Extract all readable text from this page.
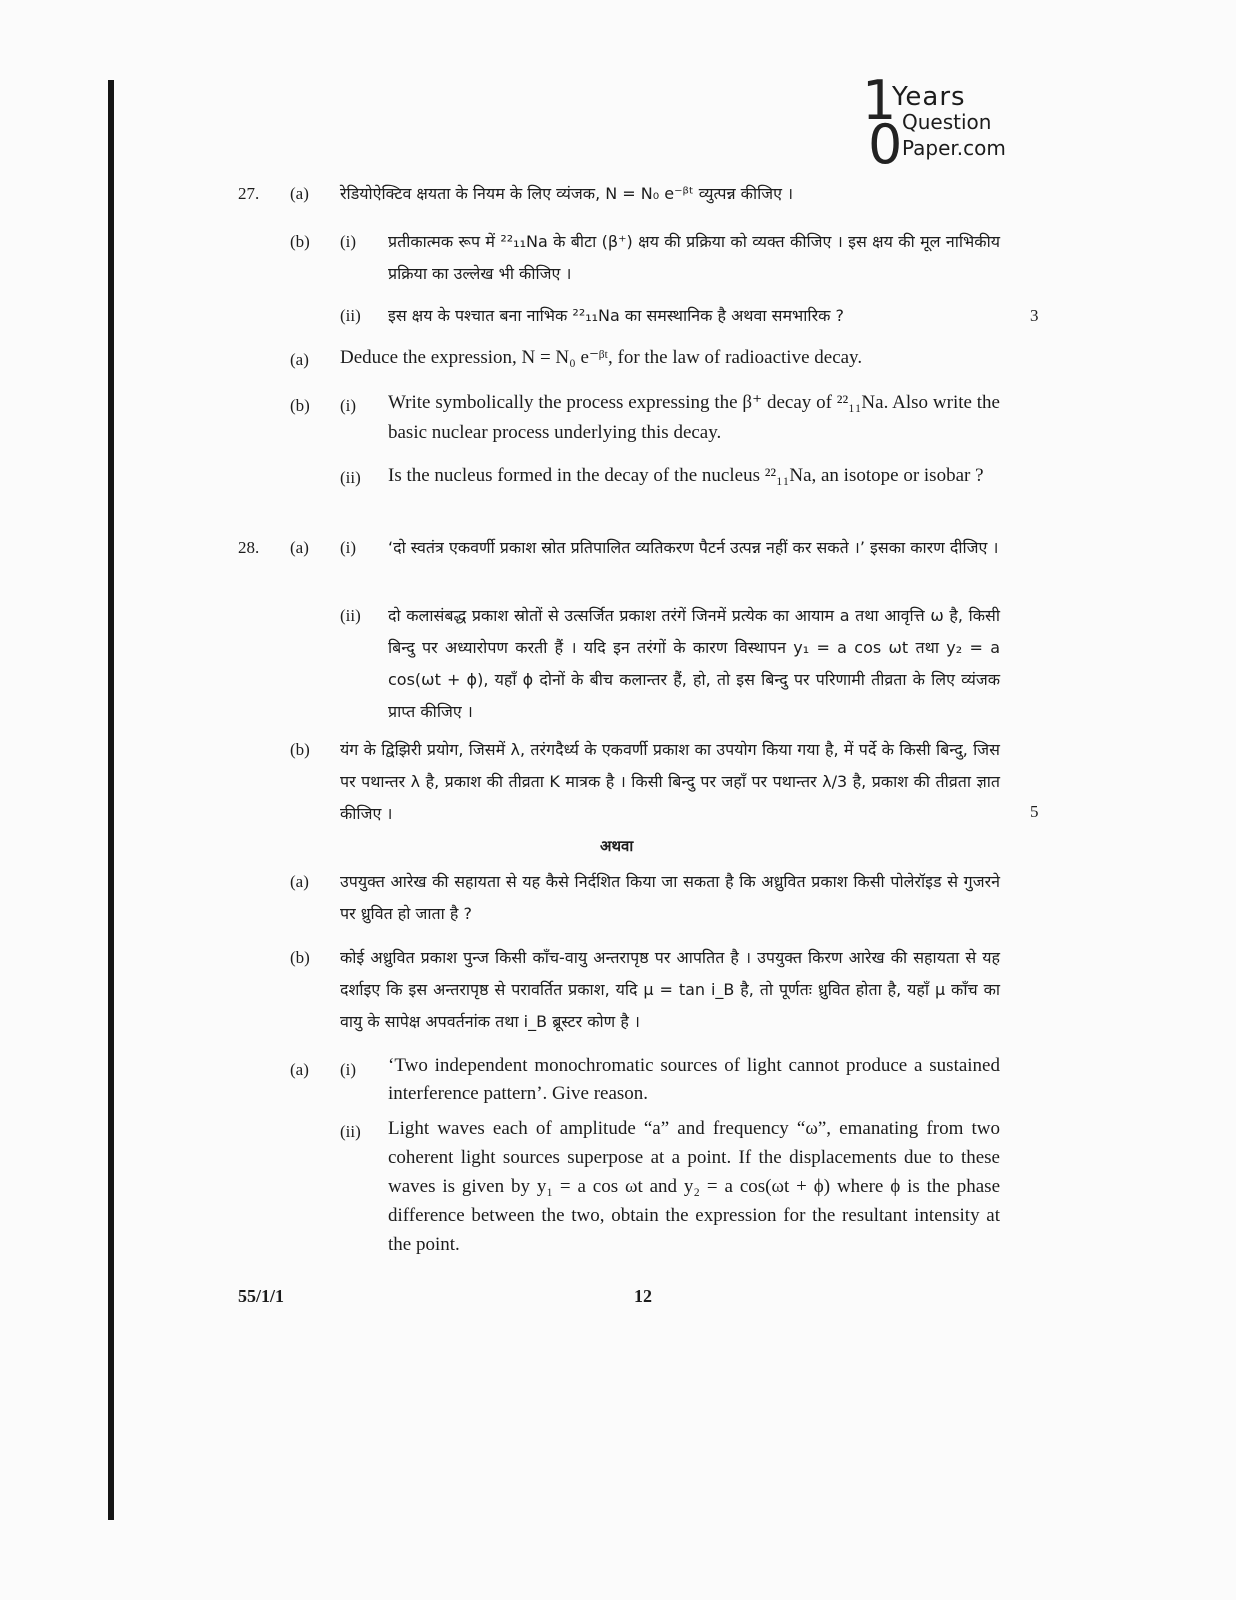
1
0
Years
Question
Paper.com
27. (a) रेडियोऐक्टिव क्षयता के नियम के लिए व्यंजक, N = N₀ e⁻ᵝᵗ व्युत्पन्न कीजिए ।
(b) (i) प्रतीकात्मक रूप में ²²₁₁Na के बीटा (β⁺) क्षय की प्रक्रिया को व्यक्त कीजिए । इस क्षय की मूल नाभिकीय प्रक्रिया का उल्लेख भी कीजिए ।
(ii) इस क्षय के पश्चात बना नाभिक ²²₁₁Na का समस्थानिक है अथवा समभारिक ?	3
(a) Deduce the expression, N = N₀ e⁻ᵝᵗ, for the law of radioactive decay.
(b) (i) Write symbolically the process expressing the β⁺ decay of ²²₁₁Na. Also write the basic nuclear process underlying this decay.
(ii) Is the nucleus formed in the decay of the nucleus ²²₁₁Na, an isotope or isobar ?
28. (a) (i) ‘दो स्वतंत्र एकवर्णी प्रकाश स्रोत प्रतिपालित व्यतिकरण पैटर्न उत्पन्न नहीं कर सकते ।’ इसका कारण दीजिए ।
(ii) दो कलासंबद्ध प्रकाश स्रोतों से उत्सर्जित प्रकाश तरंगें जिनमें प्रत्येक का आयाम a तथा आवृत्ति ω है, किसी बिन्दु पर अध्यारोपण करती हैं । यदि इन तरंगों के कारण विस्थापन y₁ = a cos ωt तथा y₂ = a cos(ωt + ϕ), यहाँ ϕ दोनों के बीच कलान्तर हैं, हो, तो इस बिन्दु पर परिणामी तीव्रता के लिए व्यंजक प्राप्त कीजिए ।
(b) यंग के द्विझिरी प्रयोग, जिसमें λ, तरंगदैर्ध्य के एकवर्णी प्रकाश का उपयोग किया गया है, में पर्दे के किसी बिन्दु, जिस पर पथान्तर λ है, प्रकाश की तीव्रता K मात्रक है । किसी बिन्दु पर जहाँ पर पथान्तर λ/3 है, प्रकाश की तीव्रता ज्ञात कीजिए ।	5
अथवा
(a) उपयुक्त आरेख की सहायता से यह कैसे निर्दशित किया जा सकता है कि अध्रुवित प्रकाश किसी पोलेरॉइड से गुजरने पर ध्रुवित हो जाता है ?
(b) कोई अध्रुवित प्रकाश पुन्ज किसी काँच-वायु अन्तरापृष्ठ पर आपतित है । उपयुक्त किरण आरेख की सहायता से यह दर्शाइए कि इस अन्तरापृष्ठ से परावर्तित प्रकाश, यदि μ = tan i_B है, तो पूर्णतः ध्रुवित होता है, यहाँ μ काँच का वायु के सापेक्ष अपवर्तनांक तथा i_B ब्रूस्टर कोण है ।
(a) (i) ‘Two independent monochromatic sources of light cannot produce a sustained interference pattern’. Give reason.
(ii) Light waves each of amplitude “a” and frequency “ω”, emanating from two coherent light sources superpose at a point. If the displacements due to these waves is given by y₁ = a cos ωt and y₂ = a cos(ωt + ϕ) where ϕ is the phase difference between the two, obtain the expression for the resultant intensity at the point.
55/1/1	12
